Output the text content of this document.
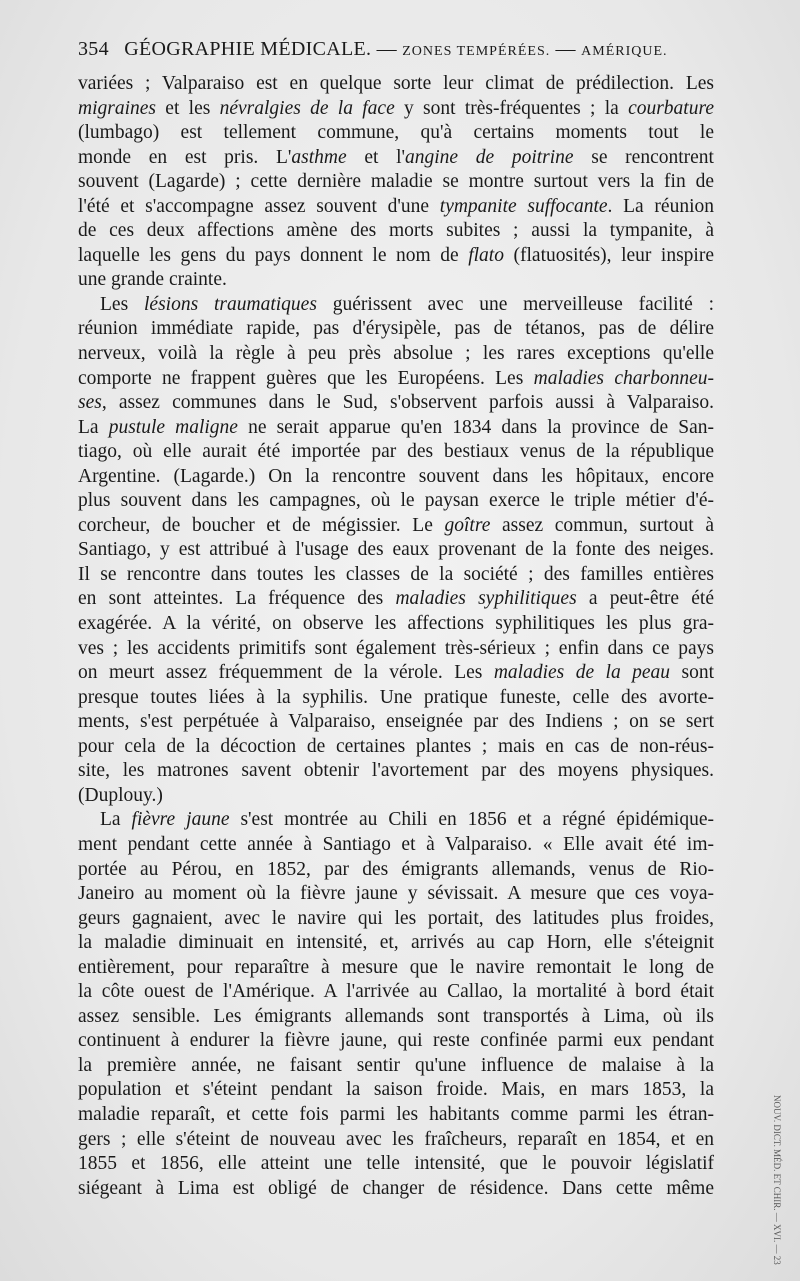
354 GÉOGRAPHIE MÉDICALE. — ZONES TEMPÉRÉES. — AMÉRIQUE.
variées ; Valparaiso est en quelque sorte leur climat de prédilection. Les
migraines et les névralgies de la face y sont très-fréquentes ; la courbature
(lumbago) est tellement commune, qu'à certains moments tout le
monde en est pris. L'asthme et l'angine de poitrine se rencontrent
souvent (Lagarde) ; cette dernière maladie se montre surtout vers la fin de
l'été et s'accompagne assez souvent d'une tympanite suffocante. La réunion
de ces deux affections amène des morts subites ; aussi la tympanite, à
laquelle les gens du pays donnent le nom de flato (flatuosités), leur inspire
une grande crainte.
Les lésions traumatiques guérissent avec une merveilleuse facilité :
réunion immédiate rapide, pas d'érysipèle, pas de tétanos, pas de délire
nerveux, voilà la règle à peu près absolue ; les rares exceptions qu'elle
comporte ne frappent guères que les Européens. Les maladies charbonneu-
ses, assez communes dans le Sud, s'observent parfois aussi à Valparaiso.
La pustule maligne ne serait apparue qu'en 1834 dans la province de San-
tiago, où elle aurait été importée par des bestiaux venus de la république
Argentine. (Lagarde.) On la rencontre souvent dans les hôpitaux, encore
plus souvent dans les campagnes, où le paysan exerce le triple métier d'é-
corcheur, de boucher et de mégissier. Le goître assez commun, surtout à
Santiago, y est attribué à l'usage des eaux provenant de la fonte des neiges.
Il se rencontre dans toutes les classes de la société ; des familles entières
en sont atteintes. La fréquence des maladies syphilitiques a peut-être été
exagérée. A la vérité, on observe les affections syphilitiques les plus gra-
ves ; les accidents primitifs sont également très-sérieux ; enfin dans ce pays
on meurt assez fréquemment de la vérole. Les maladies de la peau sont
presque toutes liées à la syphilis. Une pratique funeste, celle des avorte-
ments, s'est perpétuée à Valparaiso, enseignée par des Indiens ; on se sert
pour cela de la décoction de certaines plantes ; mais en cas de non-réus-
site, les matrones savent obtenir l'avortement par des moyens physiques.
(Duplouy.)
La fièvre jaune s'est montrée au Chili en 1856 et a régné épidémique-
ment pendant cette année à Santiago et à Valparaiso. « Elle avait été im-
portée au Pérou, en 1852, par des émigrants allemands, venus de Rio-
Janeiro au moment où la fièvre jaune y sévissait. A mesure que ces voya-
geurs gagnaient, avec le navire qui les portait, des latitudes plus froides,
la maladie diminuait en intensité, et, arrivés au cap Horn, elle s'éteignit
entièrement, pour reparaître à mesure que le navire remontait le long de
la côte ouest de l'Amérique. A l'arrivée au Callao, la mortalité à bord était
assez sensible. Les émigrants allemands sont transportés à Lima, où ils
continuent à endurer la fièvre jaune, qui reste confinée parmi eux pendant
la première année, ne faisant sentir qu'une influence de malaise à la
population et s'éteint pendant la saison froide. Mais, en mars 1853, la
maladie reparaît, et cette fois parmi les habitants comme parmi les étran-
gers ; elle s'éteint de nouveau avec les fraîcheurs, reparaît en 1854, et en
1855 et 1856, elle atteint une telle intensité, que le pouvoir législatif
siégeant à Lima est obligé de changer de résidence. Dans cette même	NOUV. DICT. MÉD. ET CHIR. — XVI. — 23
